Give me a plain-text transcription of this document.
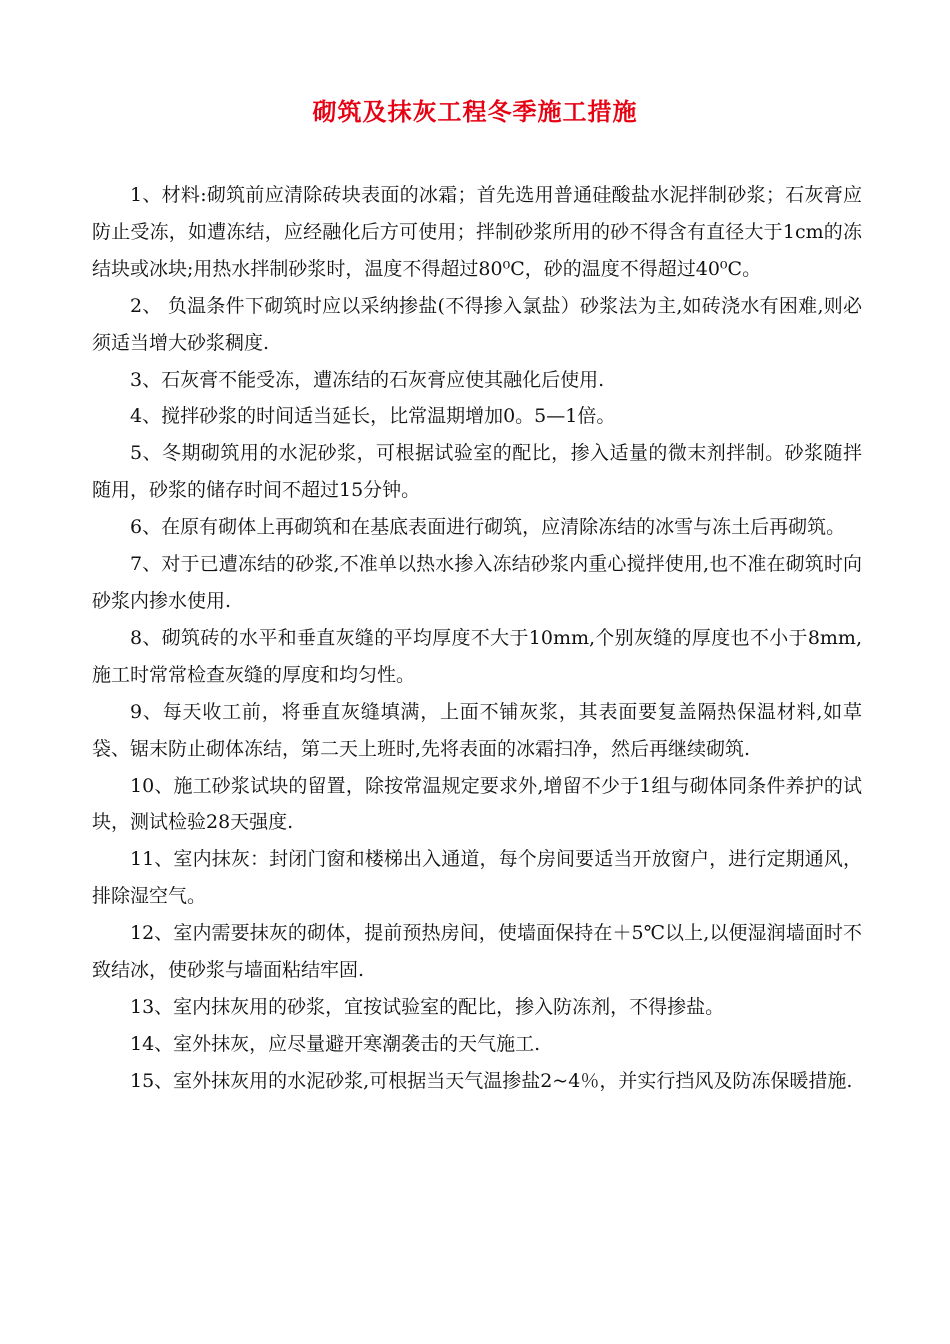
砌筑及抹灰工程冬季施工措施

1、材料:砌筑前应清除砖块表面的冰霜；首先选用普通硅酸盐水泥拌制砂浆；石灰膏应防止受冻，如遭冻结，应经融化后方可使用；拌制砂浆所用的砂不得含有直径大于1cm的冻结块或冰块;用热水拌制砂浆时，温度不得超过80⁰C，砂的温度不得超过40⁰C。

2、 负温条件下砌筑时应以采纳掺盐(不得掺入氯盐）砂浆法为主,如砖浇水有困难,则必须适当增大砂浆稠度.

3、石灰膏不能受冻，遭冻结的石灰膏应使其融化后使用.

4、搅拌砂浆的时间适当延长，比常温期增加0。5—1倍。

5、冬期砌筑用的水泥砂浆，可根据试验室的配比，掺入适量的微末剂拌制。砂浆随拌随用，砂浆的储存时间不超过15分钟。

6、在原有砌体上再砌筑和在基底表面进行砌筑，应清除冻结的冰雪与冻土后再砌筑。

7、对于已遭冻结的砂浆,不准单以热水掺入冻结砂浆内重心搅拌使用,也不准在砌筑时向砂浆内掺水使用.

8、砌筑砖的水平和垂直灰缝的平均厚度不大于10mm,个别灰缝的厚度也不小于8mm,施工时常常检查灰缝的厚度和均匀性。

9、每天收工前，将垂直灰缝填满，上面不铺灰浆，其表面要复盖隔热保温材料,如草袋、锯末防止砌体冻结，第二天上班时,先将表面的冰霜扫净，然后再继续砌筑.

10、施工砂浆试块的留置，除按常温规定要求外,增留不少于1组与砌体同条件养护的试块，测试检验28天强度.

11、室内抹灰：封闭门窗和楼梯出入通道，每个房间要适当开放窗户，进行定期通风，排除湿空气。

12、室内需要抹灰的砌体，提前预热房间，使墙面保持在＋5℃以上,以便湿润墙面时不致结冰，使砂浆与墙面粘结牢固.

13、室内抹灰用的砂浆，宜按试验室的配比，掺入防冻剂，不得掺盐。

14、室外抹灰，应尽量避开寒潮袭击的天气施工.

15、室外抹灰用的水泥砂浆,可根据当天气温掺盐2~4％，并实行挡风及防冻保暖措施.
